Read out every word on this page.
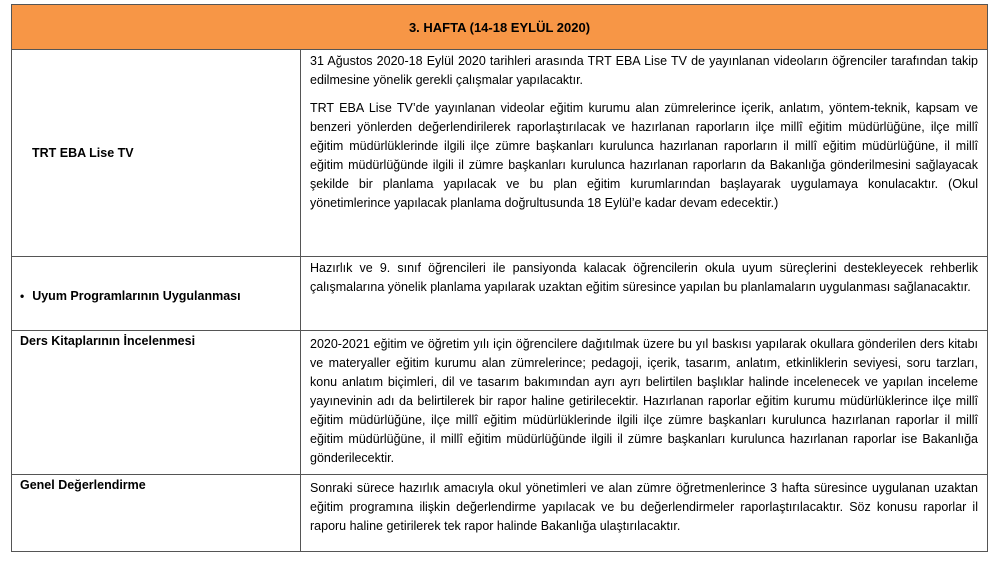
3. HAFTA (14-18 EYLÜL 2020)
TRT EBA Lise TV

31 Ağustos 2020-18 Eylül 2020 tarihleri arasında TRT EBA Lise TV de yayınlanan videoların öğrenciler tarafından takip edilmesine yönelik gerekli çalışmalar yapılacaktır.

TRT EBA Lise TV’de yayınlanan videolar eğitim kurumu alan zümrelerince içerik, anlatım, yöntem-teknik, kapsam ve benzeri yönlerden değerlendirilerek raporlaştırılacak ve hazırlanan raporların ilçe millî eğitim müdürlüğüne, ilçe millî eğitim müdürlüklerinde ilgili ilçe zümre başkanları kurulunca hazırlanan raporların il millî eğitim müdürlüğüne, il millî eğitim müdürlüğünde ilgili il zümre başkanları kurulunca hazırlanan raporların da Bakanlığa gönderilmesini sağlayacak şekilde bir planlama yapılacak ve bu plan eğitim kurumlarından başlayarak uygulamaya konulacaktır. (Okul yönetimlerince yapılacak planlama doğrultusunda 18 Eylül’e kadar devam edecektir.)

• Uyum Programlarının Uygulanması

Hazırlık ve 9. sınıf öğrencileri ile pansiyonda kalacak öğrencilerin okula uyum süreçlerini destekleyecek rehberlik çalışmalarına yönelik planlama yapılarak uzaktan eğitim süresince yapılan bu planlamaların uygulanması sağlanacaktır.

Ders Kitaplarının İncelenmesi	2020-2021 eğitim ve öğretim yılı için öğrencilere dağıtılmak üzere bu yıl baskısı yapılarak okullara gönderilen ders kitabı ve materyaller eğitim kurumu alan zümrelerince; pedagoji, içerik, tasarım, anlatım, etkinliklerin seviyesi, soru tarzları, konu anlatım biçimleri, dil ve tasarım bakımından ayrı ayrı belirtilen başlıklar halinde incelenecek ve yapılan inceleme yayınevinin adı da belirtilerek bir rapor haline getirilecektir. Hazırlanan raporlar eğitim kurumu müdürlüklerince ilçe millî eğitim müdürlüğüne, ilçe millî eğitim müdürlüklerinde ilgili ilçe zümre başkanları kurulunca hazırlanan raporlar il millî eğitim müdürlüğüne, il millî eğitim müdürlüğünde ilgili il zümre başkanları kurulunca hazırlanan raporlar ise Bakanlığa gönderilecektir.

Genel Değerlendirme	Sonraki sürece hazırlık amacıyla okul yönetimleri ve alan zümre öğretmenlerince 3 hafta süresince uygulanan uzaktan eğitim programına ilişkin değerlendirme yapılacak ve bu değerlendirmeler raporlaştırılacaktır. Söz konusu raporlar il raporu haline getirilerek tek rapor halinde Bakanlığa ulaştırılacaktır.
